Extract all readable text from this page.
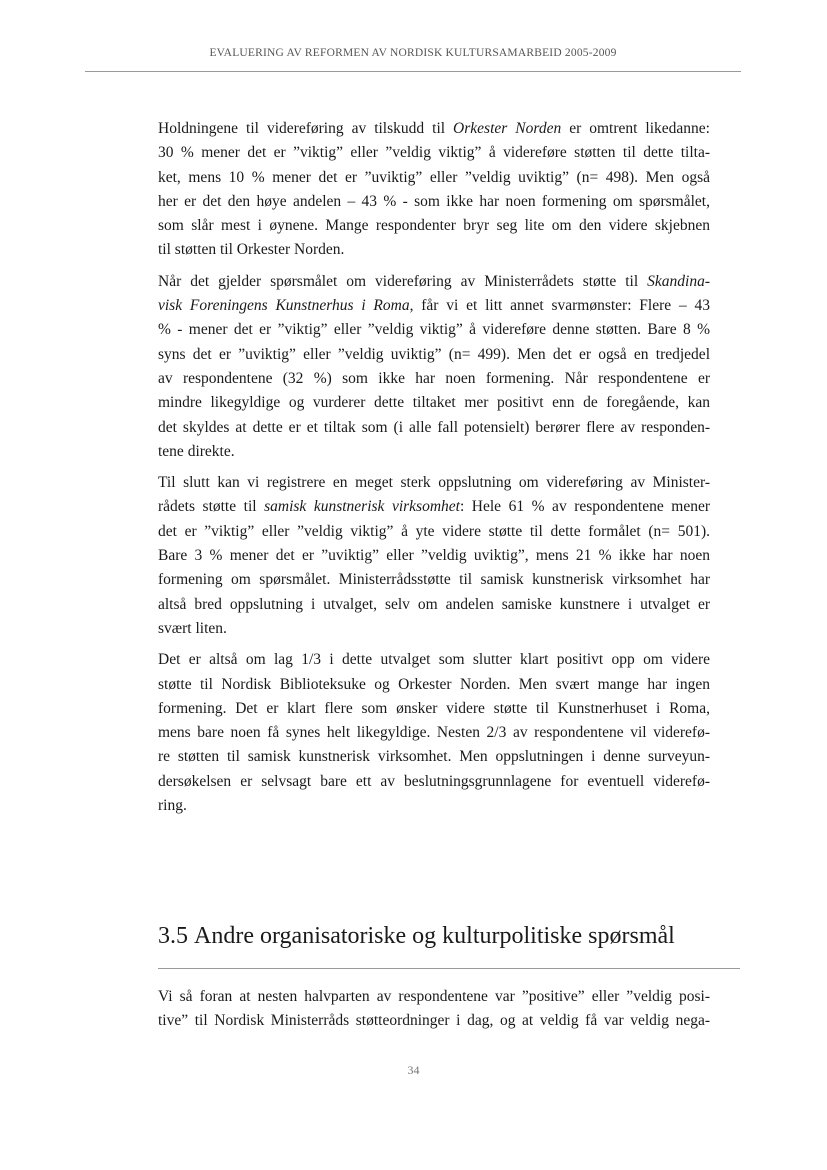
EVALUERING AV REFORMEN AV NORDISK KULTURSAMARBEID 2005-2009

Holdningene til videreføring av tilskudd til Orkester Norden er omtrent likedanne:
30 % mener det er ”viktig” eller ”veldig viktig” å videreføre støtten til dette tilta-
ket, mens 10 % mener det er ”uviktig” eller ”veldig uviktig” (n= 498). Men også
her er det den høye andelen – 43 % - som ikke har noen formening om spørsmålet,
som slår mest i øynene. Mange respondenter bryr seg lite om den videre skjebnen
til støtten til Orkester Norden.

Når det gjelder spørsmålet om videreføring av Ministerrådets støtte til Skandina-
visk Foreningens Kunstnerhus i Roma, får vi et litt annet svarmønster: Flere – 43
% - mener det er ”viktig” eller ”veldig viktig” å videreføre denne støtten. Bare 8 %
syns det er ”uviktig” eller ”veldig uviktig” (n= 499). Men det er også en tredjedel
av respondentene (32 %) som ikke har noen formening. Når respondentene er
mindre likegyldige og vurderer dette tiltaket mer positivt enn de foregående, kan
det skyldes at dette er et tiltak som (i alle fall potensielt) berører flere av responden-
tene direkte.

Til slutt kan vi registrere en meget sterk oppslutning om videreføring av Minister-
rådets støtte til samisk kunstnerisk virksomhet: Hele 61 % av respondentene mener
det er ”viktig” eller ”veldig viktig” å yte videre støtte til dette formålet (n= 501).
Bare 3 % mener det er ”uviktig” eller ”veldig uviktig”, mens 21 % ikke har noen
formening om spørsmålet. Ministerrådsstøtte til samisk kunstnerisk virksomhet har
altså bred oppslutning i utvalget, selv om andelen samiske kunstnere i utvalget er
svært liten.

Det er altså om lag 1/3 i dette utvalget som slutter klart positivt opp om videre
støtte til Nordisk Biblioteksuke og Orkester Norden. Men svært mange har ingen
formening. Det er klart flere som ønsker videre støtte til Kunstnerhuset i Roma,
mens bare noen få synes helt likegyldige. Nesten 2/3 av respondentene vil viderefø-
re støtten til samisk kunstnerisk virksomhet. Men oppslutningen i denne surveyun-
dersøkelsen er selvsagt bare ett av beslutningsgrunnlagene for eventuell viderefø-
ring.

3.5 Andre organisatoriske og kulturpolitiske spørsmål

Vi så foran at nesten halvparten av respondentene var ”positive” eller ”veldig posi-
tive” til Nordisk Ministerråds støtteordninger i dag, og at veldig få var veldig nega-

34
